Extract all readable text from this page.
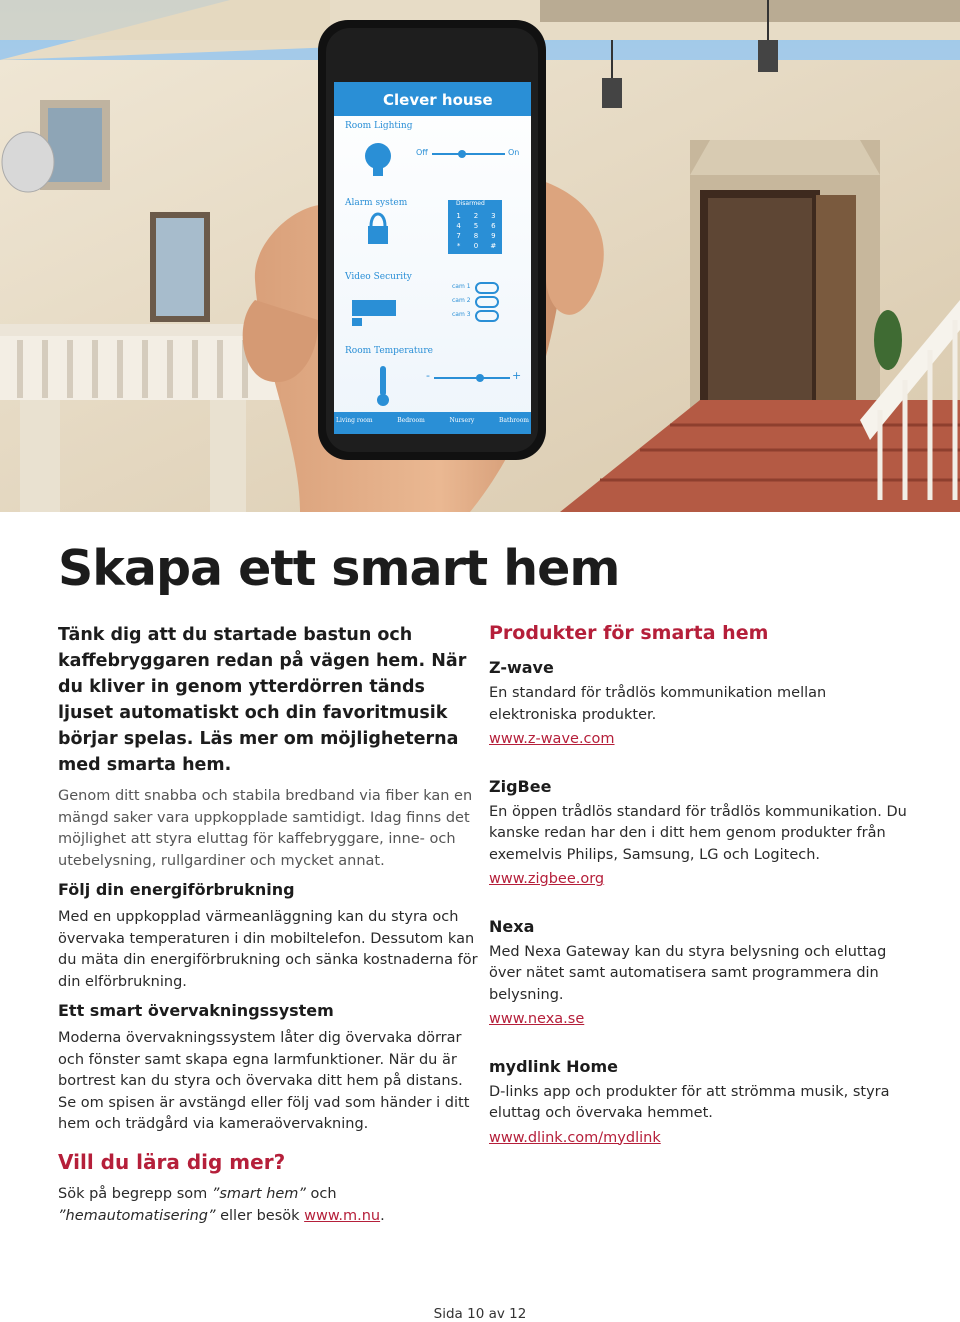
Clever house
Room Lighting
Off	On
Alarm system	Disarmed
1	2	3
4	5	6
7	8	9
*	0	#
Video Security
cam 1
cam 2
cam 3
Room Temperature
-	+
Living room	Bedroom	Nursery	Bathroom
Skapa ett smart hem

Tänk dig att du startade bastun och kaffebryggaren redan på vägen hem. När du kliver in genom ytterdörren tänds ljuset automatiskt och din favoritmusik börjar spelas. Läs mer om möjligheterna med smarta hem.

Genom ditt snabba och stabila bredband via fiber kan en mängd saker vara uppkopplade samtidigt. Idag finns det möjlighet att styra eluttag för kaffebryggare, inne- och utebelysning, rullgardiner och mycket annat.

Följ din energiförbrukning

Med en uppkopplad värmeanläggning kan du styra och övervaka temperaturen i din mobiltelefon. Dessutom kan du mäta din energiförbrukning och sänka kostnaderna för din elförbrukning.

Ett smart övervakningssystem

Moderna övervakningssystem låter dig övervaka dörrar och fönster samt skapa egna larmfunktioner. När du är bortrest kan du styra och övervaka ditt hem på distans. Se om spisen är avstängd eller följ vad som händer i ditt hem och trädgård via kameraövervakning.

Vill du lära dig mer?

Sök på begrepp som ”smart hem” och
”hemautomatisering” eller besök www.m.nu.

Produkter för smarta hem
Z-wave

En standard för trådlös kommunikation mellan elektroniska produkter.

www.z-wave.com
ZigBee

En öppen trådlös standard för trådlös kommunikation. Du kanske redan har den i ditt hem genom produkter från exemelvis Philips, Samsung, LG och Logitech.

www.zigbee.org
Nexa

Med Nexa Gateway kan du styra belysning och eluttag över nätet samt automatisera samt programmera din belysning.

www.nexa.se
mydlink Home

D-links app och produkter för att strömma musik, styra eluttag och övervaka hemmet.

www.dlink.com/mydlink
Sida 10 av 12
